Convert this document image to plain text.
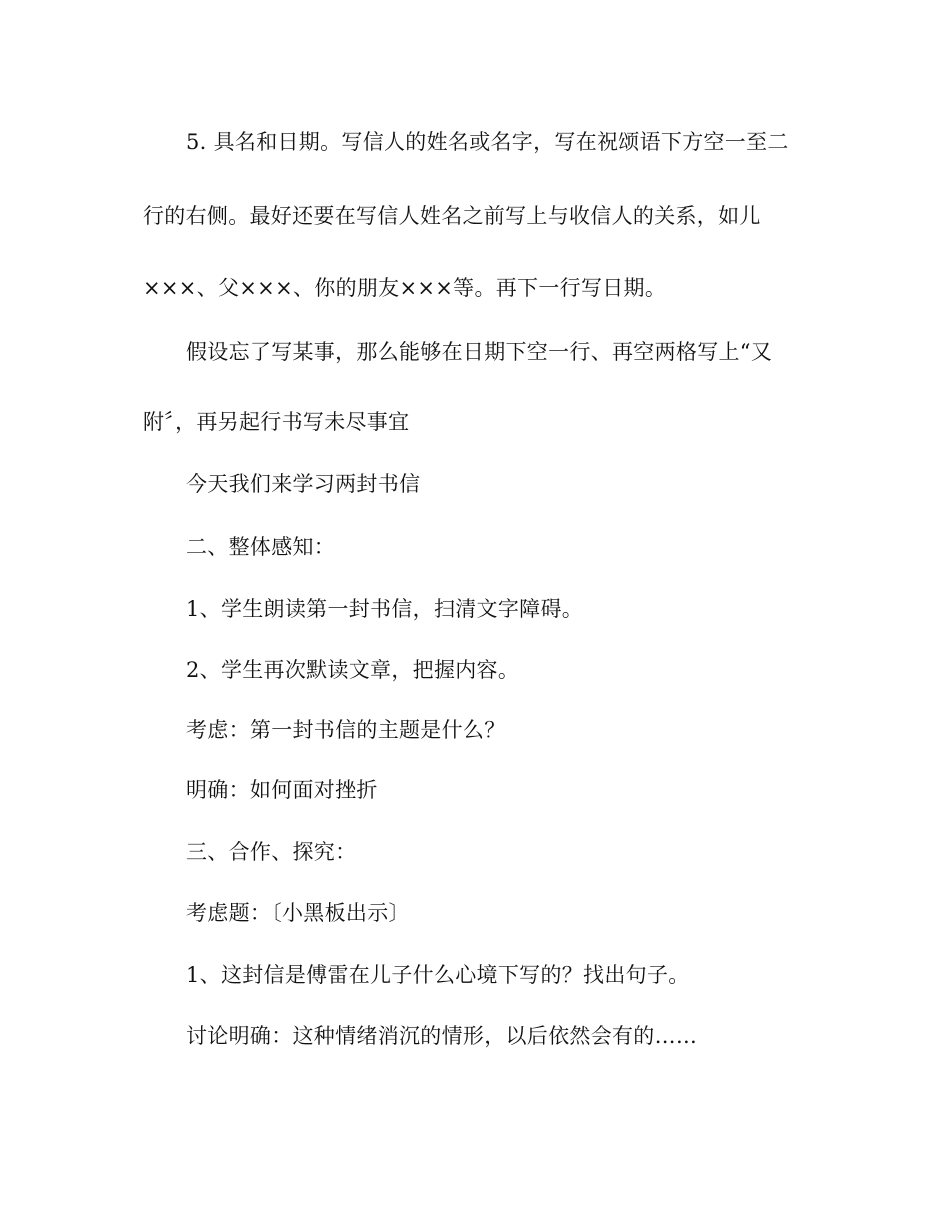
5. 具名和日期。写信人的姓名或名字，写在祝颂语下方空一至二
行的右侧。最好还要在写信人姓名之前写上与收信人的关系，如儿
×××、父×××、你的朋友×××等。再下一行写日期。
假设忘了写某事，那么能够在日期下空一行、再空两格写上“又
附〞，再另起行书写未尽事宜
今天我们来学习两封书信
二、整体感知：
1、学生朗读第一封书信，扫清文字障碍。
2、学生再次默读文章，把握内容。
考虑：第一封书信的主题是什么？
明确：如何面对挫折
三、合作、探究：
考虑题：〔小黑板出示〕
1、这封信是傅雷在儿子什么心境下写的？找出句子。
讨论明确：这种情绪消沉的情形，以后依然会有的……
